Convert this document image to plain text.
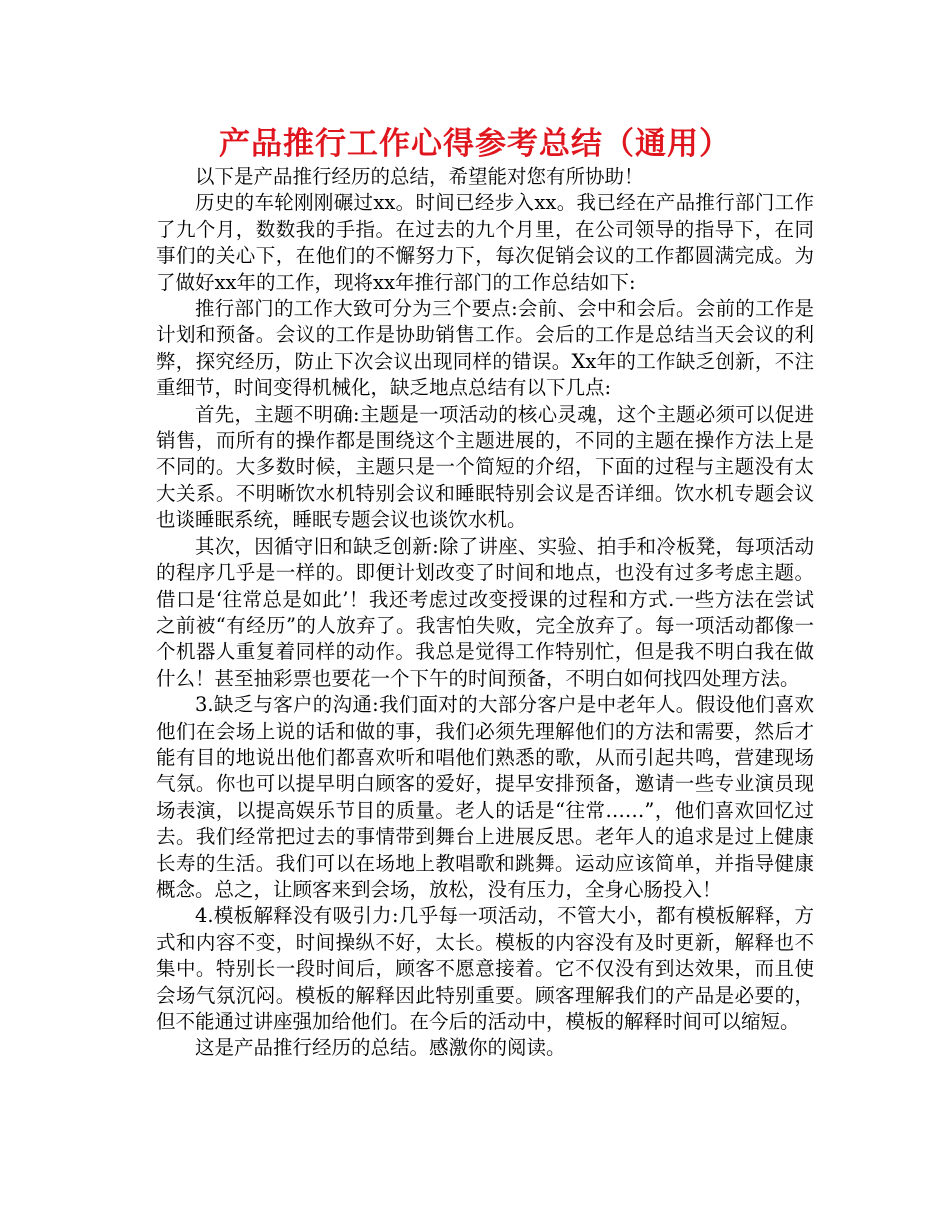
产品推行工作心得参考总结（通用）

以下是产品推行经历的总结，希望能对您有所协助！

历史的车轮刚刚碾过xx。时间已经步入xx。我已经在产品推行部门工作了九个月，数数我的手指。在过去的九个月里，在公司领导的指导下，在同事们的关心下，在他们的不懈努力下，每次促销会议的工作都圆满完成。为了做好xx年的工作，现将xx年推行部门的工作总结如下:

推行部门的工作大致可分为三个要点:会前、会中和会后。会前的工作是计划和预备。会议的工作是协助销售工作。会后的工作是总结当天会议的利弊，探究经历，防止下次会议出现同样的错误。Xx年的工作缺乏创新，不注重细节，时间变得机械化，缺乏地点总结有以下几点:

首先，主题不明确:主题是一项活动的核心灵魂，这个主题必须可以促进销售，而所有的操作都是围绕这个主题进展的，不同的主题在操作方法上是不同的。大多数时候，主题只是一个简短的介绍，下面的过程与主题没有太大关系。不明晰饮水机特别会议和睡眠特别会议是否详细。饮水机专题会议也谈睡眠系统，睡眠专题会议也谈饮水机。

其次，因循守旧和缺乏创新:除了讲座、实验、拍手和冷板凳，每项活动的程序几乎是一样的。即便计划改变了时间和地点，也没有过多考虑主题。借口是‘往常总是如此’！我还考虑过改变授课的过程和方式.一些方法在尝试之前被“有经历”的人放弃了。我害怕失败，完全放弃了。每一项活动都像一个机器人重复着同样的动作。我总是觉得工作特别忙，但是我不明白我在做什么！甚至抽彩票也要花一个下午的时间预备，不明白如何找四处理方法。

3.缺乏与客户的沟通:我们面对的大部分客户是中老年人。假设他们喜欢他们在会场上说的话和做的事，我们必须先理解他们的方法和需要，然后才能有目的地说出他们都喜欢听和唱他们熟悉的歌，从而引起共鸣，营建现场气氛。你也可以提早明白顾客的爱好，提早安排预备，邀请一些专业演员现场表演，以提高娱乐节目的质量。老人的话是“往常……”，他们喜欢回忆过去。我们经常把过去的事情带到舞台上进展反思。老年人的追求是过上健康长寿的生活。我们可以在场地上教唱歌和跳舞。运动应该简单，并指导健康概念。总之，让顾客来到会场，放松，没有压力，全身心肠投入！

4.模板解释没有吸引力:几乎每一项活动，不管大小，都有模板解释，方式和内容不变，时间操纵不好，太长。模板的内容没有及时更新，解释也不集中。特别长一段时间后，顾客不愿意接着。它不仅没有到达效果，而且使会场气氛沉闷。模板的解释因此特别重要。顾客理解我们的产品是必要的，但不能通过讲座强加给他们。在今后的活动中，模板的解释时间可以缩短。

这是产品推行经历的总结。感激你的阅读。
